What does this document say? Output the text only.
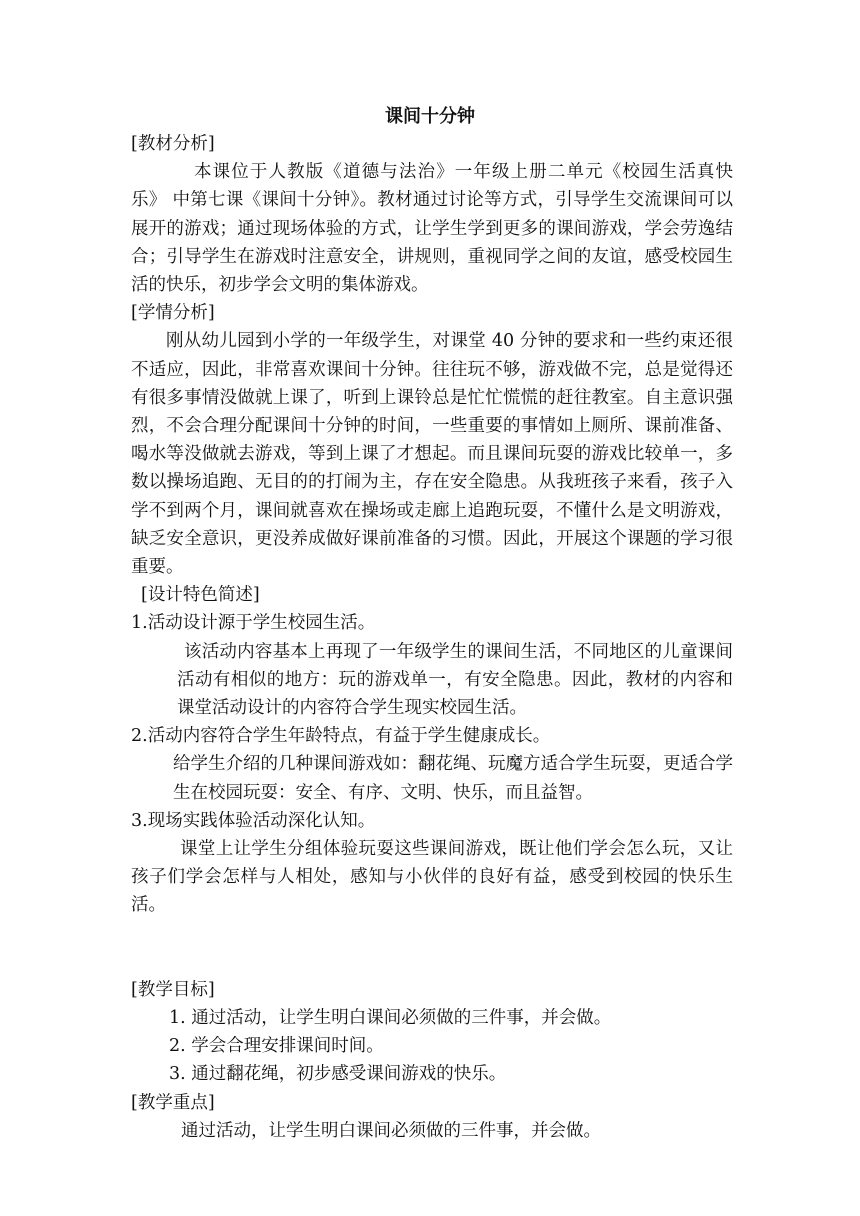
课间十分钟

[教材分析]

本课位于人教版《道德与法治》一年级上册二单元《校园生活真快乐》 中第七课《课间十分钟》。教材通过讨论等方式，引导学生交流课间可以展开的游戏；通过现场体验的方式，让学生学到更多的课间游戏，学会劳逸结合；引导学生在游戏时注意安全，讲规则，重视同学之间的友谊，感受校园生活的快乐，初步学会文明的集体游戏。

[学情分析]

刚从幼儿园到小学的一年级学生，对课堂 40 分钟的要求和一些约束还很不适应，因此，非常喜欢课间十分钟。往往玩不够，游戏做不完，总是觉得还有很多事情没做就上课了，听到上课铃总是忙忙慌慌的赶往教室。自主意识强烈，不会合理分配课间十分钟的时间，一些重要的事情如上厕所、课前准备、喝水等没做就去游戏，等到上课了才想起。而且课间玩耍的游戏比较单一，多数以操场追跑、无目的的打闹为主，存在安全隐患。从我班孩子来看，孩子入学不到两个月，课间就喜欢在操场或走廊上追跑玩耍，不懂什么是文明游戏，缺乏安全意识，更没养成做好课前准备的习惯。因此，开展这个课题的学习很重要。

[设计特色简述]

1.活动设计源于学生校园生活。

该活动内容基本上再现了一年级学生的课间生活，不同地区的儿童课间活动有相似的地方：玩的游戏单一，有安全隐患。因此，教材的内容和课堂活动设计的内容符合学生现实校园生活。

2.活动内容符合学生年龄特点，有益于学生健康成长。

给学生介绍的几种课间游戏如：翻花绳、玩魔方适合学生玩耍，更适合学生在校园玩耍：安全、有序、文明、快乐，而且益智。

3.现场实践体验活动深化认知。

课堂上让学生分组体验玩耍这些课间游戏，既让他们学会怎么玩，又让孩子们学会怎样与人相处，感知与小伙伴的良好有益，感受到校园的快乐生活。

[教学目标]

1. 通过活动，让学生明白课间必须做的三件事，并会做。

2. 学会合理安排课间时间。

3. 通过翻花绳，初步感受课间游戏的快乐。

[教学重点]

通过活动，让学生明白课间必须做的三件事，并会做。
